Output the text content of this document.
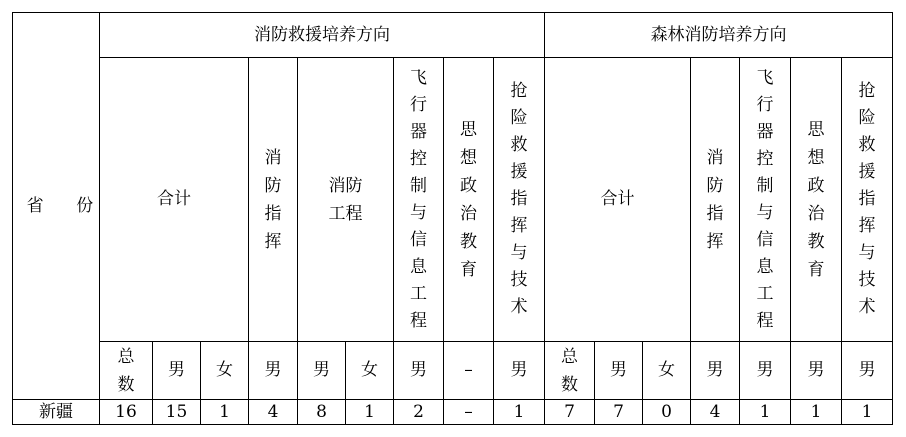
省 份	消防救援培养方向									森林消防培养方向						
	合计			消防指挥	消防工程		飞行器控制与信息工程	思想政治教育	抢险救援指挥与技术	合计			消防指挥	飞行器控制与信息工程	思想政治教育	抢险救援指挥与技术
	总数	男	女	男	男	女	男	–	男	总数	男	女	男	男	男	男
新疆	16	15	1	4	8	1	2	–	1	7	7	0	4	1	1	1
